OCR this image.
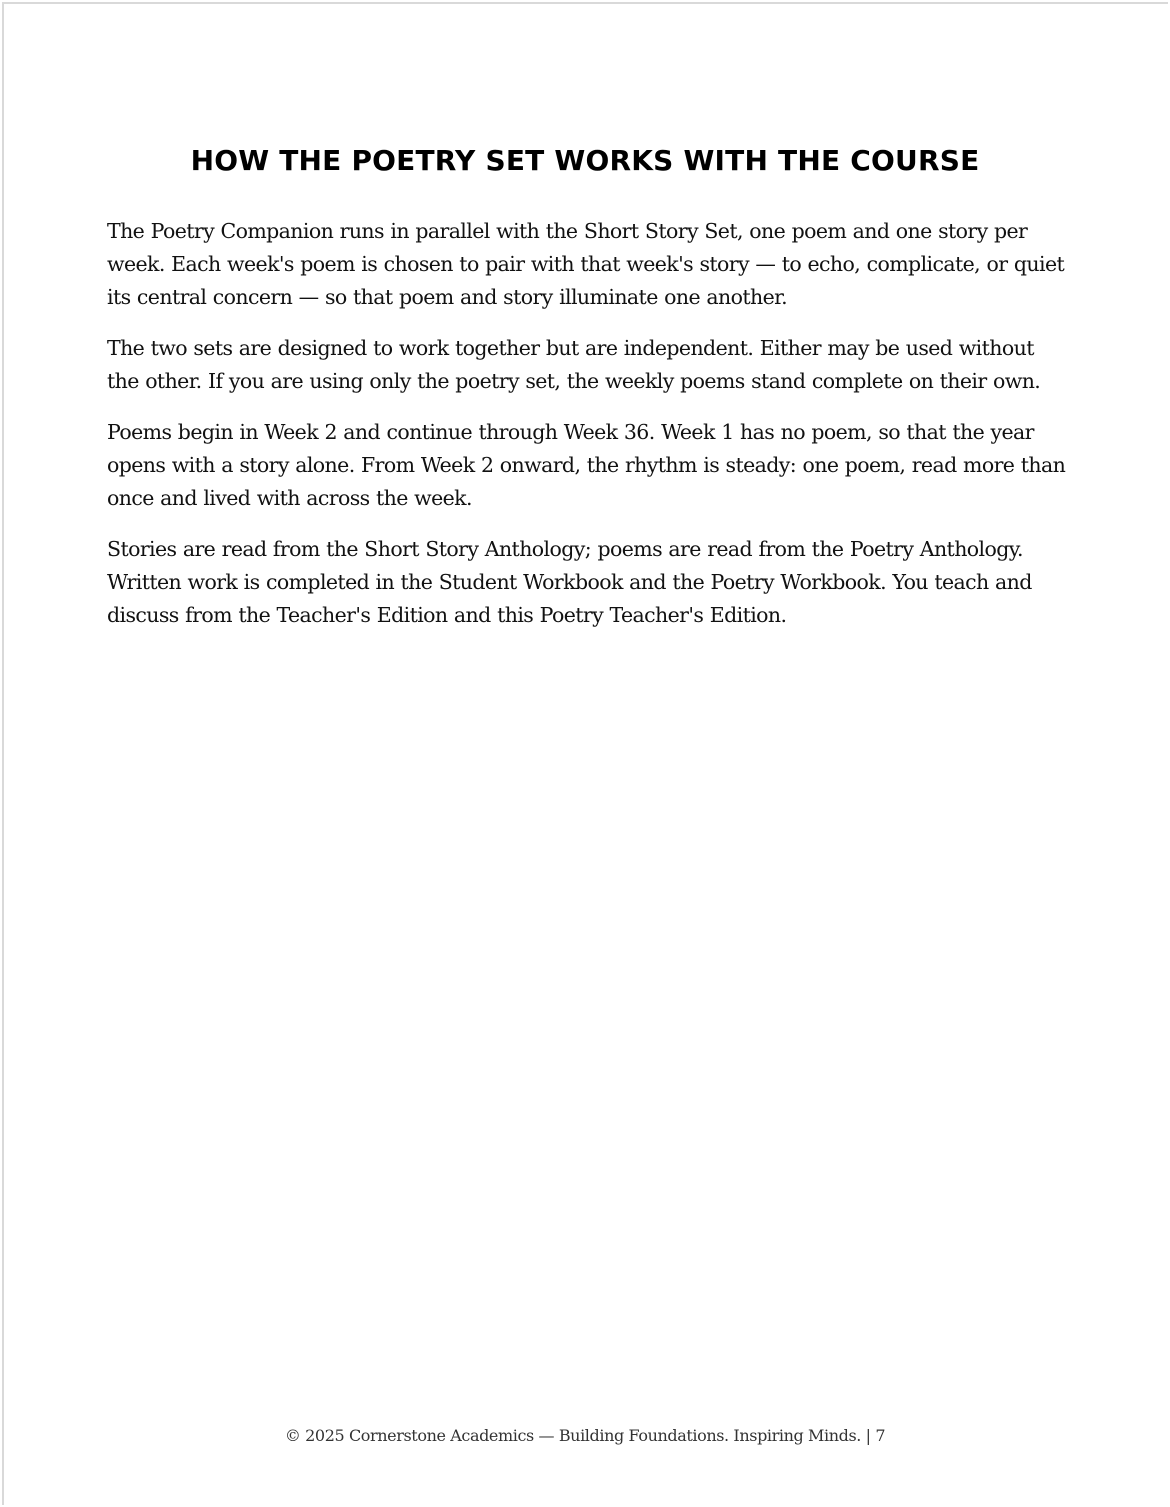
HOW THE POETRY SET WORKS WITH THE COURSE

The Poetry Companion runs in parallel with the Short Story Set, one poem and one story per week. Each week's poem is chosen to pair with that week's story — to echo, complicate, or quiet its central concern — so that poem and story illuminate one another.

The two sets are designed to work together but are independent. Either may be used without the other. If you are using only the poetry set, the weekly poems stand complete on their own.

Poems begin in Week 2 and continue through Week 36. Week 1 has no poem, so that the year opens with a story alone. From Week 2 onward, the rhythm is steady: one poem, read more than once and lived with across the week.

Stories are read from the Short Story Anthology; poems are read from the Poetry Anthology. Written work is completed in the Student Workbook and the Poetry Workbook. You teach and discuss from the Teacher's Edition and this Poetry Teacher's Edition.

© 2025 Cornerstone Academics — Building Foundations. Inspiring Minds. | 7
